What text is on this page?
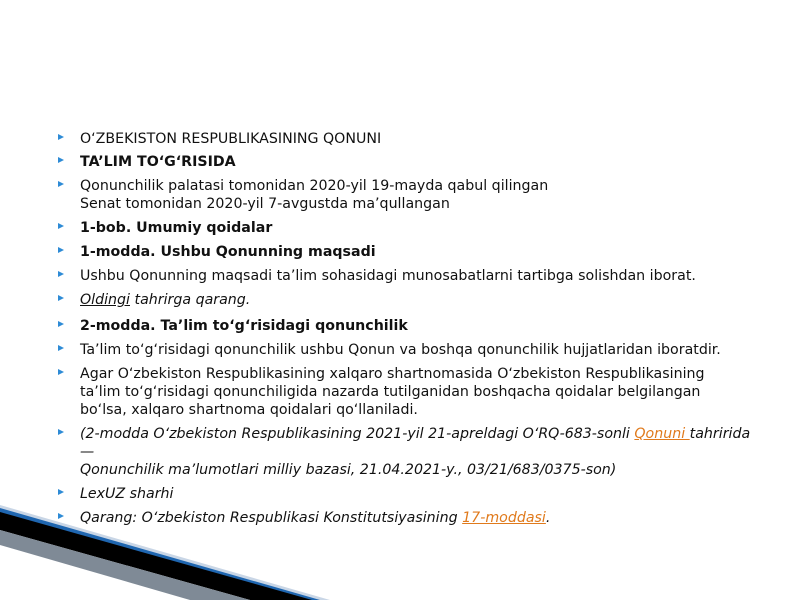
O‘ZBEKISTON RESPUBLIKASINING QONUNI
TA’LIM TO‘G‘RISIDA
Qonunchilik palatasi tomonidan 2020-yil 19-mayda qabul qilingan
Senat tomonidan 2020-yil 7-avgustda ma’qullangan
1-bob. Umumiy qoidalar
1-modda. Ushbu Qonunning maqsadi
Ushbu Qonunning maqsadi ta’lim sohasidagi munosabatlarni tartibga solishdan iborat.
Oldingi tahrirga qarang.
2-modda. Ta’lim to‘g‘risidagi qonunchilik
Ta’lim to‘g‘risidagi qonunchilik ushbu Qonun va boshqa qonunchilik hujjatlaridan iboratdir.
Agar O‘zbekiston Respublikasining xalqaro shartnomasida O‘zbekiston Respublikasining
ta’lim to‘g‘risidagi qonunchiligida nazarda tutilganidan boshqacha qoidalar belgilangan
bo‘lsa, xalqaro shartnoma qoidalari qo‘llaniladi.
(2-modda O‘zbekiston Respublikasining 2021-yil 21-apreldagi O‘RQ-683-sonli Qonuni tahririda —
Qonunchilik ma’lumotlari milliy bazasi, 21.04.2021-y., 03/21/683/0375-son)
LexUZ sharhi
Qarang: O‘zbekiston Respublikasi Konstitutsiyasining 17-moddasi.
